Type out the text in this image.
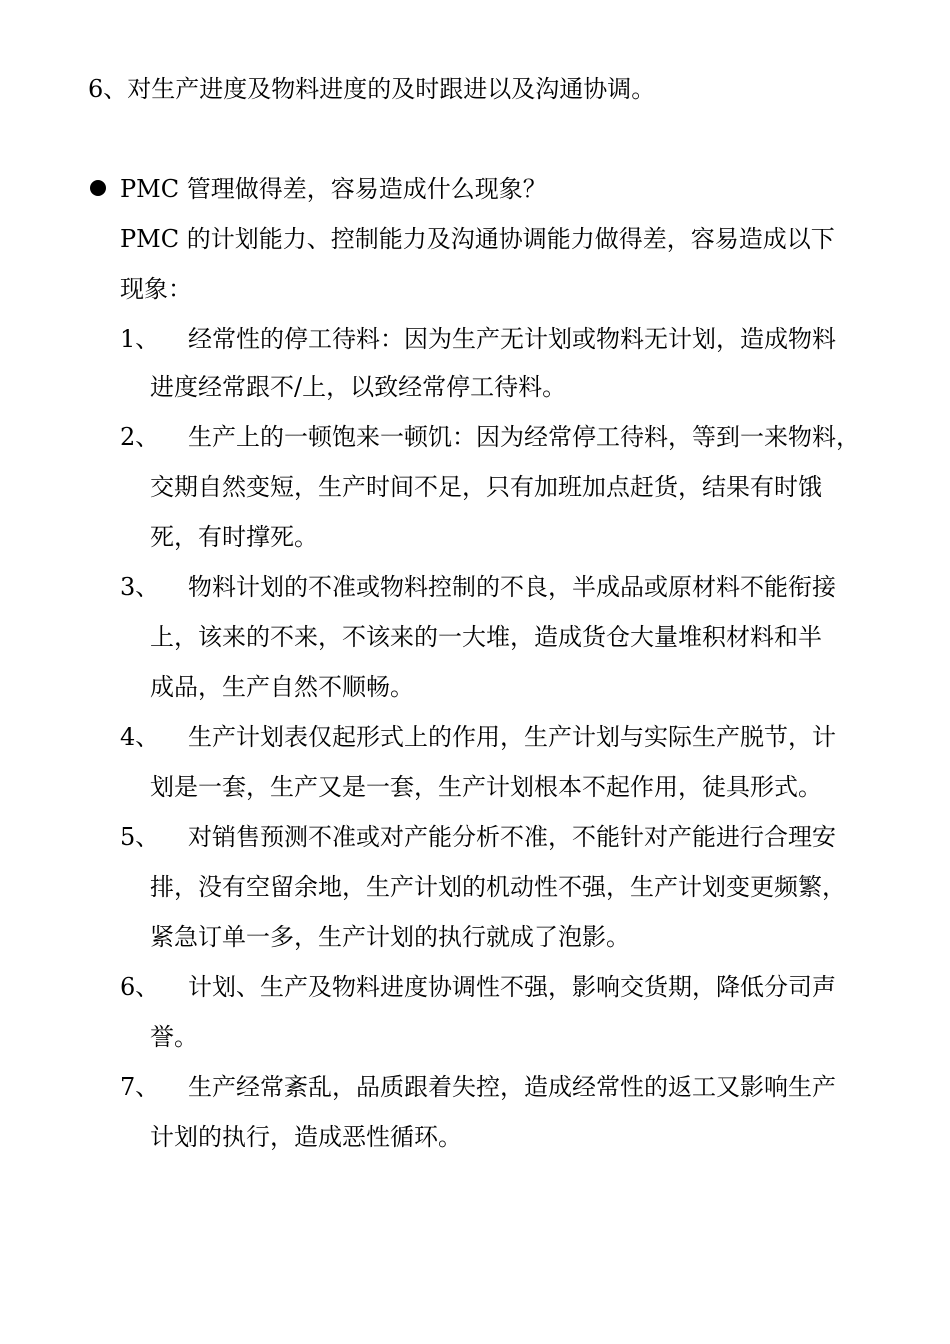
6、对生产进度及物料进度的及时跟进以及沟通协调。
PMC 管理做得差，容易造成什么现象？
PMC 的计划能力、控制能力及沟通协调能力做得差，容易造成以下
现象：
1、 经常性的停工待料：因为生产无计划或物料无计划，造成物料
进度经常跟不/上，以致经常停工待料。
2、 生产上的一顿饱来一顿饥：因为经常停工待料，等到一来物料，
交期自然变短，生产时间不足，只有加班加点赶货，结果有时饿
死，有时撑死。
3、 物料计划的不准或物料控制的不良，半成品或原材料不能衔接
上，该来的不来，不该来的一大堆，造成货仓大量堆积材料和半
成品，生产自然不顺畅。
4、 生产计划表仅起形式上的作用，生产计划与实际生产脱节，计
划是一套，生产又是一套，生产计划根本不起作用，徒具形式。
5、 对销售预测不准或对产能分析不准，不能针对产能进行合理安
排，没有空留余地，生产计划的机动性不强，生产计划变更频繁，
紧急订单一多，生产计划的执行就成了泡影。
6、 计划、生产及物料进度协调性不强，影响交货期，降低分司声
誉。
7、 生产经常紊乱，品质跟着失控，造成经常性的返工又影响生产
计划的执行，造成恶性循环。
